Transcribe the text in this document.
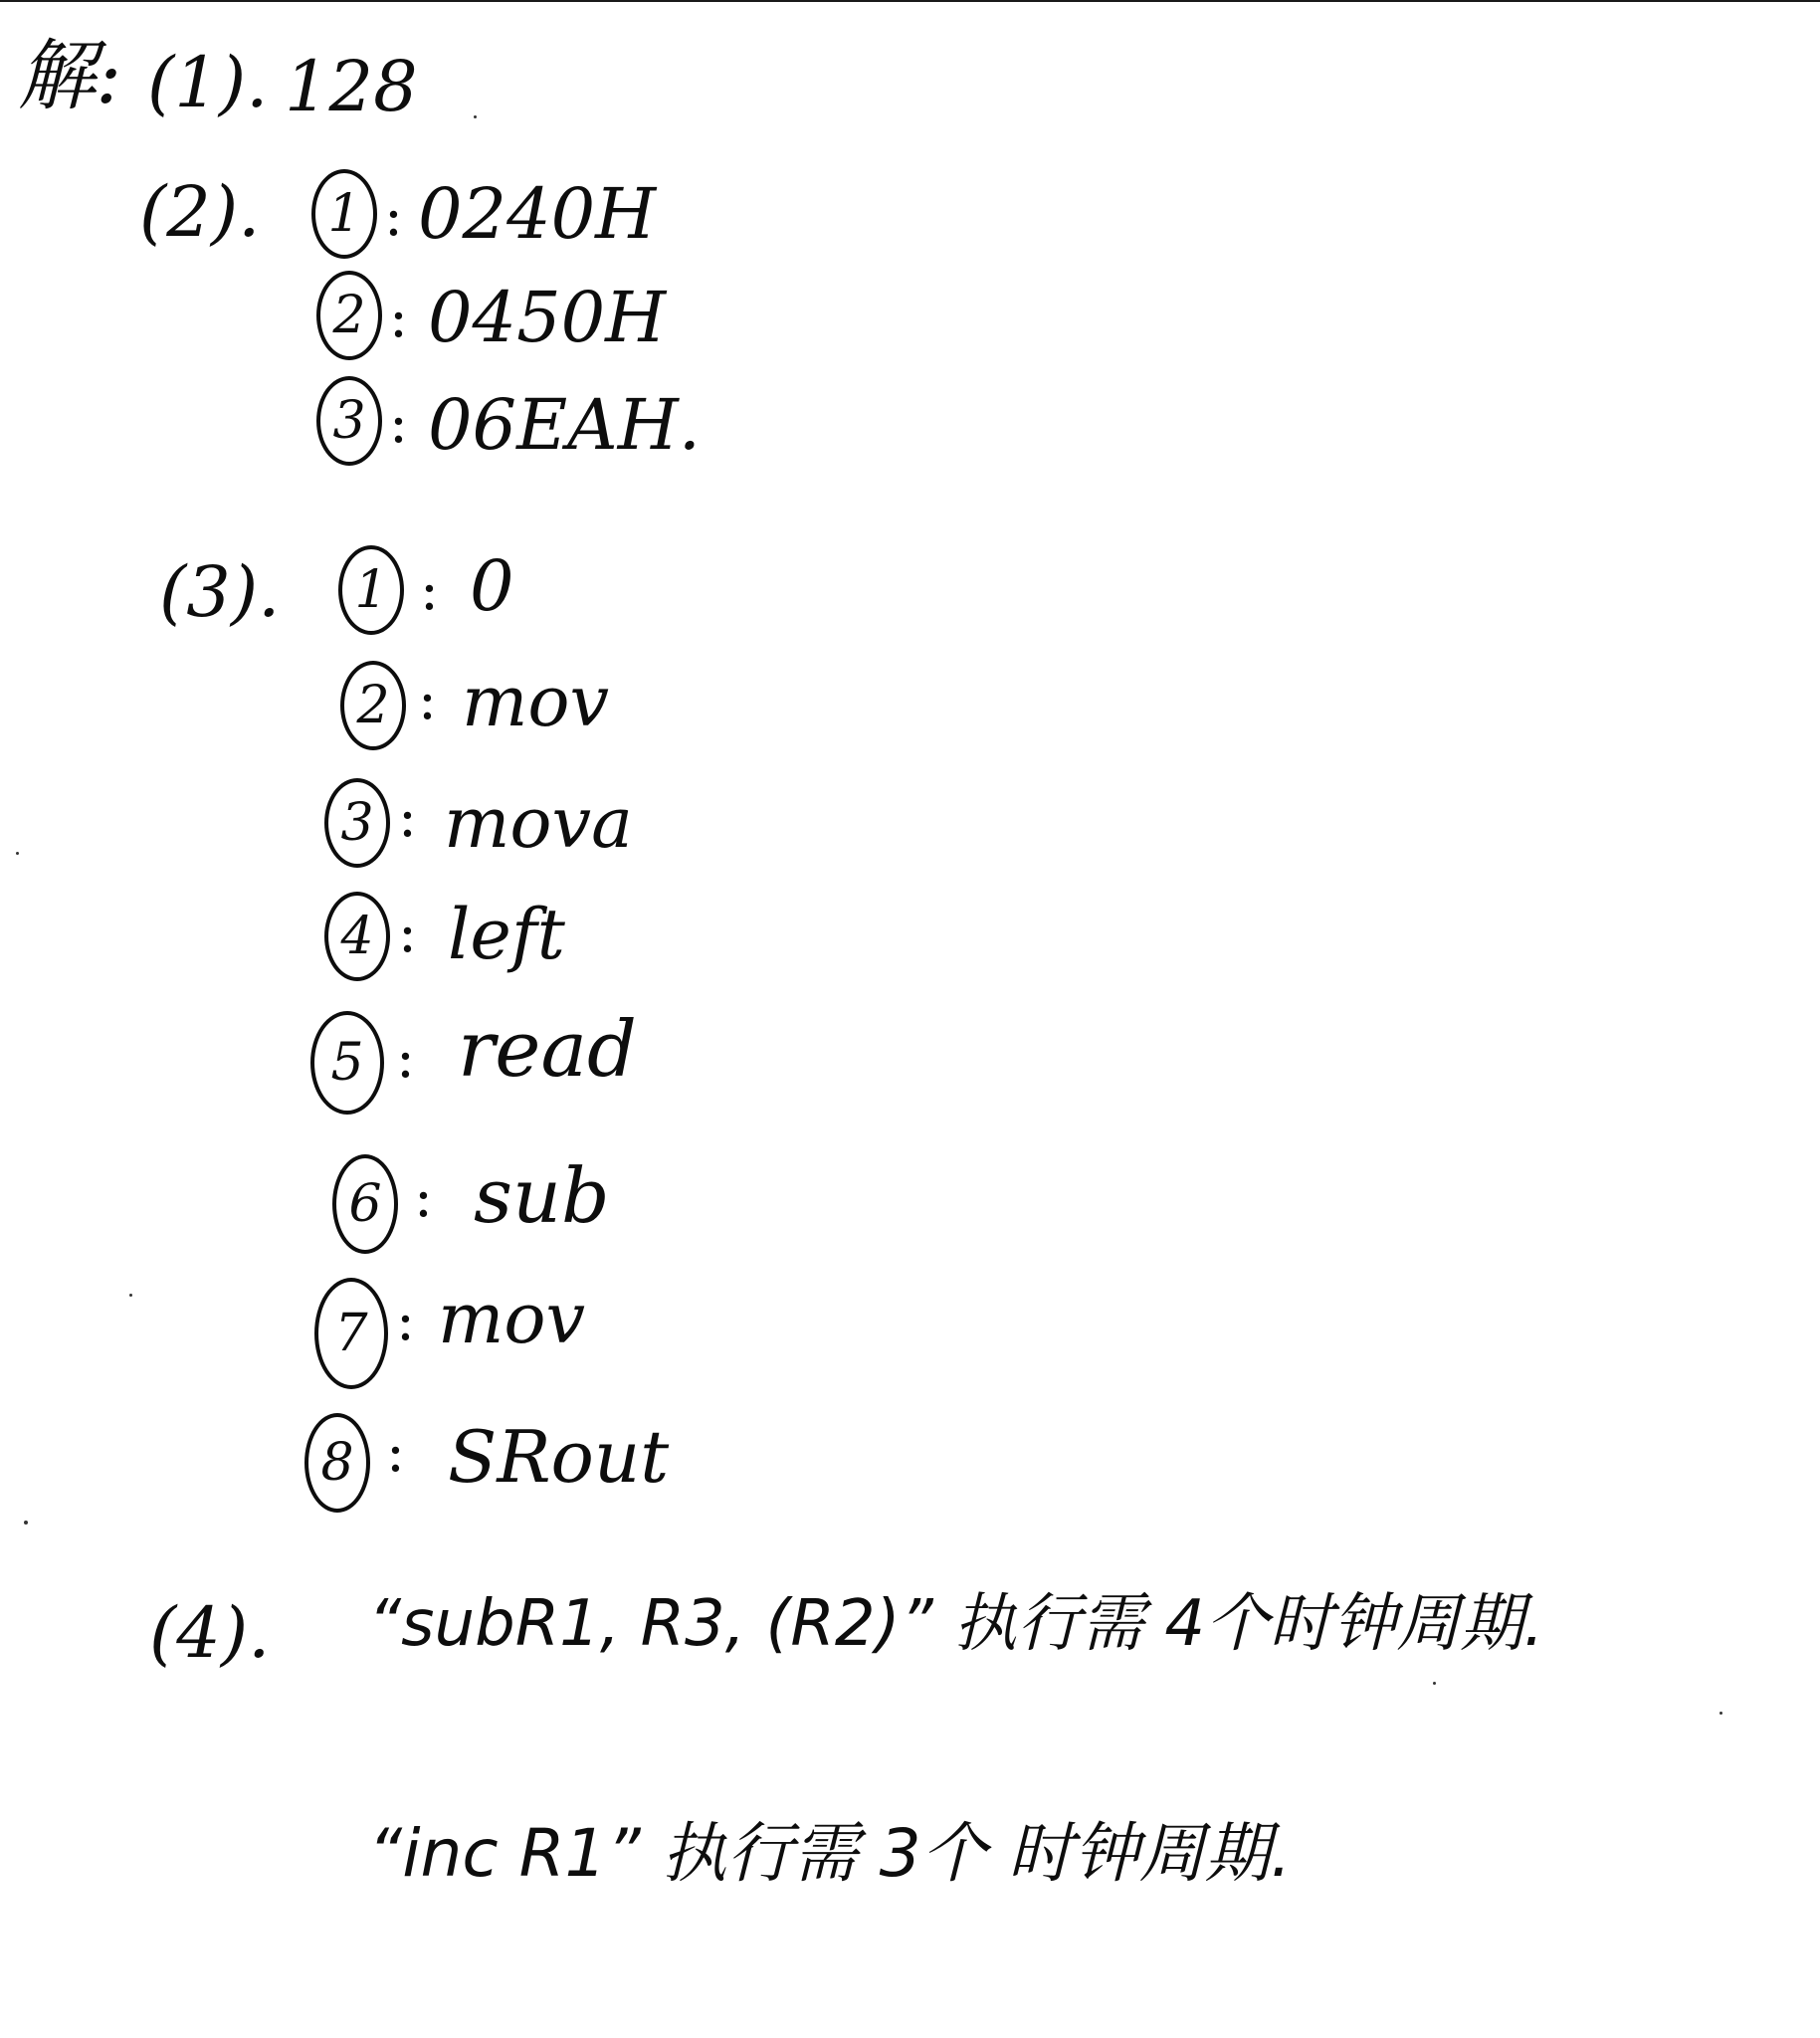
解: (1). 128
(2).	1 : 0240H
2 : 0450H
3 : 06EAH.
(3).	1 : 0
2 : mov
3 : mova
4 : left
5 : read
6 : sub
7 : mov
8 : SRout
(4). “subR1, R3, (R2)” 执行需 4个时钟周期.
“inc R1” 执行需 3个 时钟周期.
